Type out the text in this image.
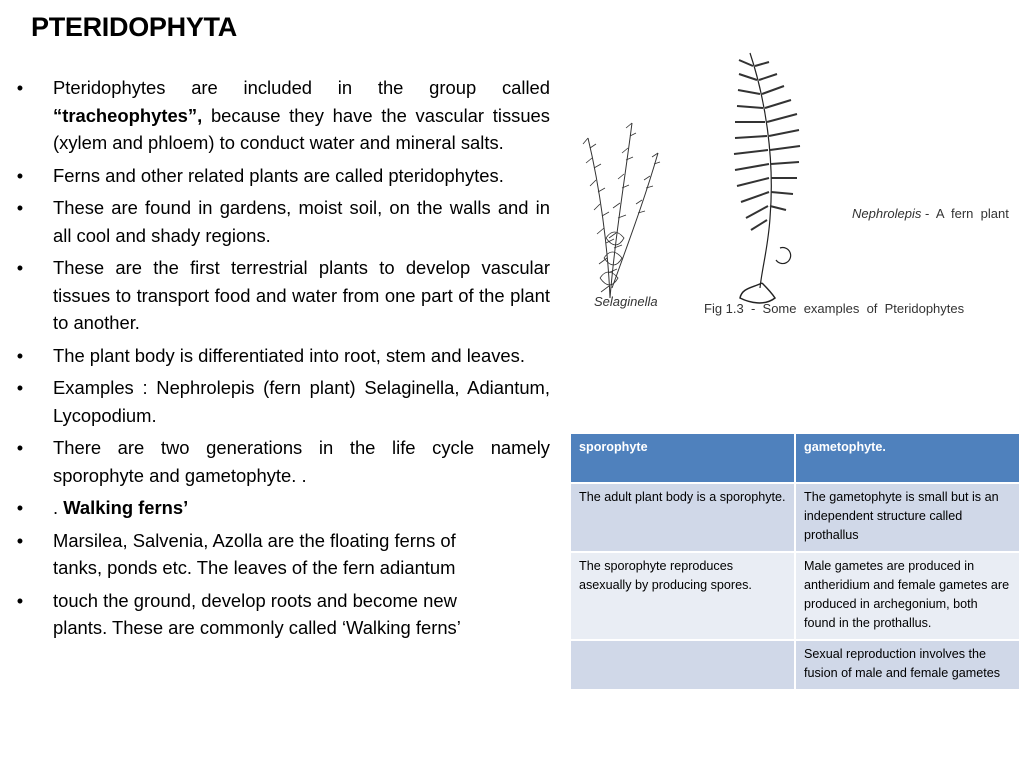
PTERIDOPHYTA
• Pteridophytes are included in the group called “tracheophytes”, because they have the vascular tissues (xylem and phloem) to conduct water and mineral salts.
• Ferns and other related plants are called pteridophytes.
• These are found in gardens, moist soil, on the walls and in all cool and shady regions.
• These are the first terrestrial plants to develop vascular tissues to transport food and water from one part of the plant to another.
• The plant body is differentiated into root, stem and leaves.
• Examples : Nephrolepis (fern plant) Selaginella, Adiantum, Lycopodium.
• There are two generations in the life cycle namely sporophyte and gametophyte. .
• . Walking ferns’
• Marsilea, Salvenia, Azolla are the floating ferns of tanks, ponds etc. The leaves of the fern adiantum
• touch the ground, develop roots and become new plants. These are commonly called ‘Walking ferns’
Selaginella
Nephrolepis -  A  fern  plant
Fig 1.3  -  Some  examples  of  Pteridophytes
sporophyte	gametophyte.
The adult plant body is a sporophyte.	The gametophyte is small but is an independent structure called prothallus
The sporophyte reproduces asexually by producing spores.	Male gametes are produced in antheridium and female gametes are produced in archegonium, both found in the prothallus.
	Sexual reproduction involves the fusion of male and female gametes
